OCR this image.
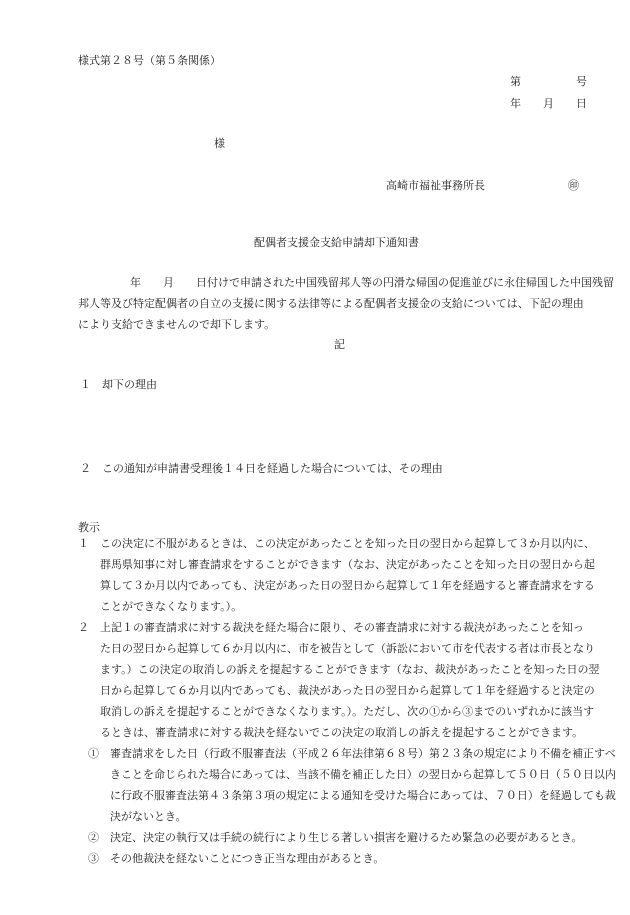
様式第２８号（第５条関係）
第　　　　　号
年　　月　　日
様
高崎市福祉事務所長	㊞
配偶者支援金支給申請却下通知書
年　　月　　日付けで申請された中国残留邦人等の円滑な帰国の促進並びに永住帰国した中国残留
邦人等及び特定配偶者の自立の支援に関する法律等による配偶者支援金の支給については、下記の理由
により支給できませんので却下します。
記
１　却下の理由
２　この通知が申請書受理後１４日を経過した場合については、その理由
教示
１　この決定に不服があるときは、この決定があったことを知った日の翌日から起算して３か月以内に、
群馬県知事に対し審査請求をすることができます（なお、決定があったことを知った日の翌日から起
算して３か月以内であっても、決定があった日の翌日から起算して１年を経過すると審査請求をする
ことができなくなります。）。
２　上記１の審査請求に対する裁決を経た場合に限り、その審査請求に対する裁決があったことを知っ
た日の翌日から起算して６か月以内に、市を被告として（訴訟において市を代表する者は市長となり
ます。）この決定の取消しの訴えを提起することができます（なお、裁決があったことを知った日の翌
日から起算して６か月以内であっても、裁決があった日の翌日から起算して１年を経過すると決定の
取消しの訴えを提起することができなくなります。）。ただし、次の①から③までのいずれかに該当す
るときは、審査請求に対する裁決を経ないでこの決定の取消しの訴えを提起することができます。
①　審査請求をした日（行政不服審査法（平成２６年法律第６８号）第２３条の規定により不備を補正すべ
きことを命じられた場合にあっては、当該不備を補正した日）の翌日から起算して５０日（５０日以内
に行政不服審査法第４３条第３項の規定による通知を受けた場合にあっては、７０日）を経過しても裁
決がないとき。
②　決定、決定の執行又は手続の続行により生じる著しい損害を避けるため緊急の必要があるとき。
③　その他裁決を経ないことにつき正当な理由があるとき。
